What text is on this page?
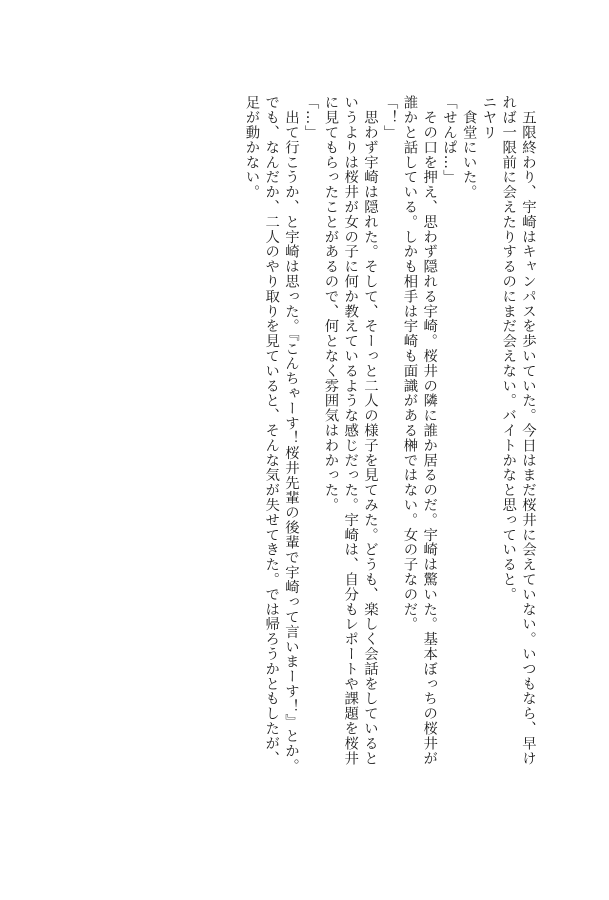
　五限終わり、宇崎はキャンパスを歩いていた。今日はまだ桜井に会えていない。いつもなら、早け
れば一限前に会えたりするのにまだ会えない。バイトかなと思っていると。
ニヤリ
　食堂にいた。
「せんぱ…」
　その口を押え、思わず隠れる宇崎。桜井の隣に誰か居るのだ。宇崎は驚いた。基本ぼっちの桜井が
誰かと話している。しかも相手は宇崎も面識がある榊ではない。女の子なのだ。
「！」
　思わず宇崎は隠れた。そして、そーっと二人の様子を見てみた。どうも、楽しく会話をしていると
いうよりは桜井が女の子に何か教えているような感じだった。宇崎は、自分もレポートや課題を桜井
に見てもらったことがあるので、何となく雰囲気はわかった。
「…」
　出て行こうか、と宇崎は思った。『こんちゃーす！桜井先輩の後輩で宇崎って言いまーす！』とか。
でも、なんだか、二人のやり取りを見ていると、そんな気が失せてきた。では帰ろうかともしたが、
足が動かない。
